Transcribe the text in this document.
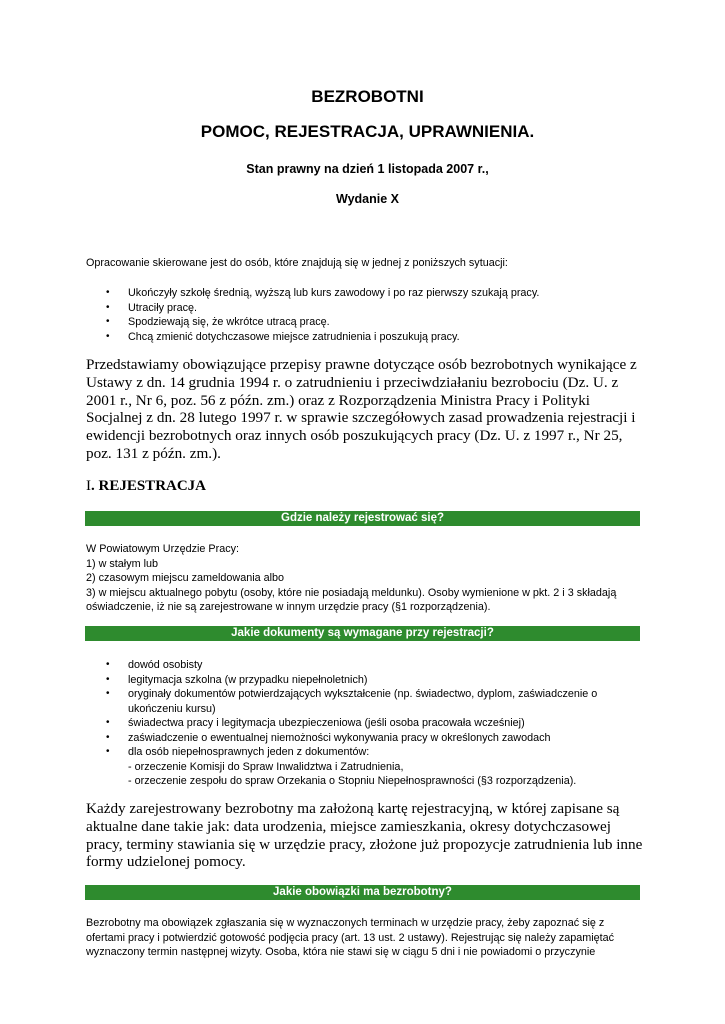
BEZROBOTNI
POMOC, REJESTRACJA, UPRAWNIENIA.
Stan prawny na dzień 1 listopada 2007 r.,
Wydanie X
Opracowanie skierowane jest do osób, które znajdują się w jednej z poniższych sytuacji:
• Ukończyły szkołę średnią, wyższą lub kurs zawodowy i po raz pierwszy szukają pracy.
• Utraciły pracę.
• Spodziewają się, że wkrótce utracą pracę.
• Chcą zmienić dotychczasowe miejsce zatrudnienia i poszukują pracy.
Przedstawiamy obowiązujące przepisy prawne dotyczące osób bezrobotnych wynikające z Ustawy z dn. 14 grudnia 1994 r. o zatrudnieniu i przeciwdziałaniu bezrobociu (Dz. U. z 2001 r., Nr 6, poz. 56 z późn. zm.) oraz z Rozporządzenia Ministra Pracy i Polityki Socjalnej z dn. 28 lutego 1997 r. w sprawie szczegółowych zasad prowadzenia rejestracji i ewidencji bezrobotnych oraz innych osób poszukujących pracy (Dz. U. z 1997 r., Nr 25, poz. 131 z późn. zm.).
I. REJESTRACJA
Gdzie należy rejestrować się?
W Powiatowym Urzędzie Pracy:
1) w stałym lub
2) czasowym miejscu zameldowania albo
3) w miejscu aktualnego pobytu (osoby, które nie posiadają meldunku). Osoby wymienione w pkt. 2 i 3 składają oświadczenie, iż nie są zarejestrowane w innym urzędzie pracy (§1 rozporządzenia).
Jakie dokumenty są wymagane przy rejestracji?
• dowód osobisty
• legitymacja szkolna (w przypadku niepełnoletnich)
• oryginały dokumentów potwierdzających wykształcenie (np. świadectwo, dyplom, zaświadczenie o ukończeniu kursu)
• świadectwa pracy i legitymacja ubezpieczeniowa (jeśli osoba pracowała wcześniej)
• zaświadczenie o ewentualnej niemożności wykonywania pracy w określonych zawodach
• dla osób niepełnosprawnych jeden z dokumentów:
- orzeczenie Komisji do Spraw Inwalidztwa i Zatrudnienia,
- orzeczenie zespołu do spraw Orzekania o Stopniu Niepełnosprawności (§3 rozporządzenia).
Każdy zarejestrowany bezrobotny ma założoną kartę rejestracyjną, w której zapisane są aktualne dane takie jak: data urodzenia, miejsce zamieszkania, okresy dotychczasowej pracy, terminy stawiania się w urzędzie pracy, złożone już propozycje zatrudnienia lub inne formy udzielonej pomocy.
Jakie obowiązki ma bezrobotny?
Bezrobotny ma obowiązek zgłaszania się w wyznaczonych terminach w urzędzie pracy, żeby zapoznać się z ofertami pracy i potwierdzić gotowość podjęcia pracy (art. 13 ust. 2 ustawy). Rejestrując się należy zapamiętać wyznaczony termin następnej wizyty. Osoba, która nie stawi się w ciągu 5 dni i nie powiadomi o przyczynie
